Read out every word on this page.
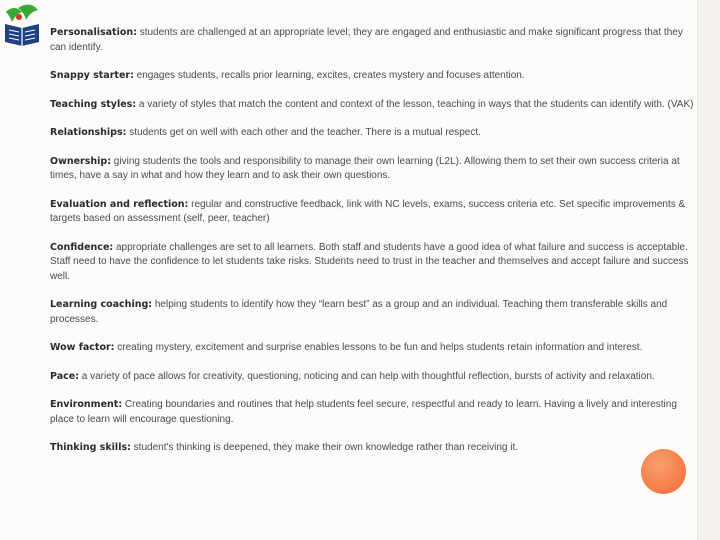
Personalisation: students are challenged at an appropriate level; they are engaged and enthusiastic and make significant progress that they can identify.

Snappy starter: engages students, recalls prior learning, excites, creates mystery and focuses attention.

Teaching styles: a variety of styles that match the content and context of the lesson, teaching in ways that the students can identify with. (VAK)

Relationships: students get on well with each other and the teacher. There is a mutual respect.

Ownership: giving students the tools and responsibility to manage their own learning (L2L). Allowing them to set their own success criteria at times, have a say in what and how they learn and to ask their own questions.

Evaluation and reflection: regular and constructive feedback, link with NC levels, exams, success criteria etc. Set specific improvements & targets based on assessment (self, peer, teacher)

Confidence: appropriate challenges are set to all learners. Both staff and students have a good idea of what failure and success is acceptable. Staff need to have the confidence to let students take risks. Students need to trust in the teacher and themselves and accept failure and success well.

Learning coaching: helping students to identify how they “learn best” as a group and an individual. Teaching them transferable skills and processes.

Wow factor: creating mystery, excitement and surprise enables lessons to be fun and helps students retain information and interest.

Pace: a variety of pace allows for creativity, questioning, noticing and can help with thoughtful reflection, bursts of activity and relaxation.

Environment: Creating boundaries and routines that help students feel secure, respectful and ready to learn. Having a lively and interesting place to learn will encourage questioning.

Thinking skills: student's thinking is deepened, they make their own knowledge rather than receiving it.
